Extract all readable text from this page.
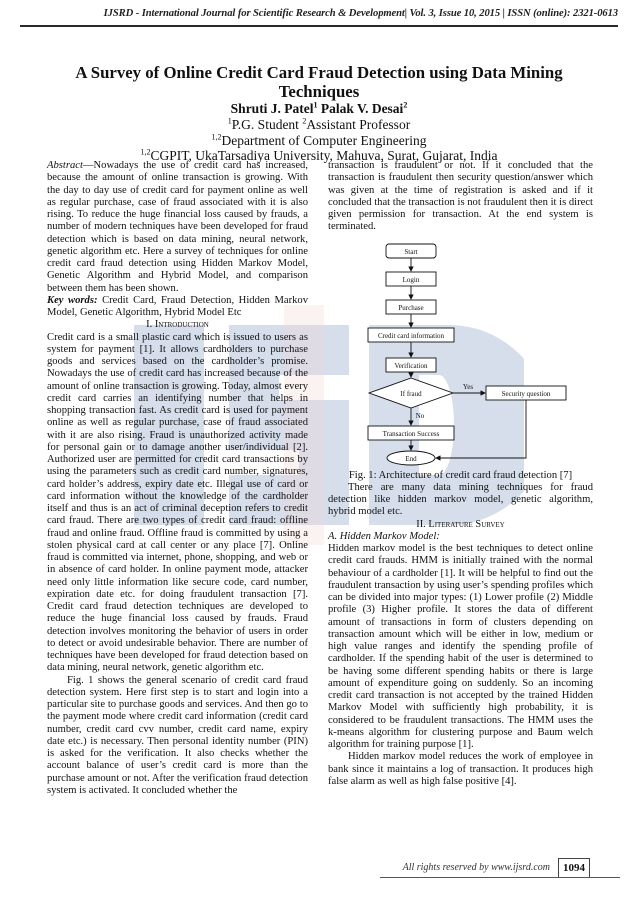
IJSRD - International Journal for Scientific Research & Development| Vol. 3, Issue 10, 2015 | ISSN (online): 2321-0613
A Survey of Online Credit Card Fraud Detection using Data Mining Techniques
Shruti J. Patel$^1$ Palak V. Desai$^2$
$^1$P.G. Student $^2$Assistant Professor
$^{1,2}$Department of Computer Engineering
$^{1,2}$CGPIT, UkaTarsadiya University, Mahuva, Surat, Gujarat, India

Abstract—Nowadays the use of credit card has increased, because the amount of online transaction is growing. With the day to day use of credit card for payment online as well as regular purchase, case of fraud associated with it is also rising. To reduce the huge financial loss caused by frauds, a number of modern techniques have been developed for fraud detection which is based on data mining, neural network, genetic algorithm etc. Here a survey of techniques for online credit card fraud detection using Hidden Markov Model, Genetic Algorithm and Hybrid Model, and comparison between them has been shown.

Key words: Credit Card, Fraud Detection, Hidden Markov Model, Genetic Algorithm, Hybrid Model Etc

I. Introduction

Credit card is a small plastic card which is issued to users as system for payment [1]. It allows cardholders to purchase goods and services based on the cardholder’s promise. Nowadays the use of credit card has increased because of the amount of online transaction is growing. Today, almost every credit card carries an identifying number that helps in shopping transaction fast. As credit card is used for payment online as well as regular purchase, case of fraud associated with it are also rising. Fraud is unauthorized activity made for personal gain or to damage another user/individual [2]. Authorized user are permitted for credit card transactions by using the parameters such as credit card number, signatures, card holder’s address, expiry date etc. Illegal use of card or card information without the knowledge of the cardholder itself and thus is an act of criminal deception refers to credit card fraud. There are two types of credit card fraud: offline fraud and online fraud. Offline fraud is committed by using a stolen physical card at call center or any place [7]. Online fraud is committed via internet, phone, shopping, and web or in absence of card holder. In online payment mode, attacker need only little information like secure code, card number, expiration date etc. for doing fraudulent transaction [7]. Credit card fraud detection techniques are developed to reduce the huge financial loss caused by frauds. Fraud detection involves monitoring the behavior of users in order to detect or avoid undesirable behavior. There are number of techniques have been developed for fraud detection based on data mining, neural network, genetic algorithm etc.

Fig. 1 shows the general scenario of credit card fraud detection system. Here first step is to start and login into a particular site to purchase goods and services. And then go to the payment mode where credit card information (credit card number, credit card cvv number, credit card name, expiry date etc.) is necessary. Then personal identity number (PIN) is asked for the verification. It also checks whether the account balance of user’s credit card is more than the purchase amount or not. After the verification fraud detection system is activated. It concluded whether the

transaction is fraudulent or not. If it concluded that the transaction is fraudulent then security question/answer which was given at the time of registration is asked and if it concluded that the transaction is not fraudulent then it is direct given permission for transaction. At the end system is terminated.

Start
Login
Purchase
Credit card information
Verification
If fraud	Security question
Transaction Success
End
Yes
No

Fig. 1: Architecture of credit card fraud detection [7]

There are many data mining techniques for fraud detection like hidden markov model, genetic algorithm, hybrid model etc.

II. Literature Survey

A. Hidden Markov Model:

Hidden markov model is the best techniques to detect online credit card frauds. HMM is initially trained with the normal behaviour of a cardholder [1]. It will be helpful to find out the fraudulent transaction by using user’s spending profiles which can be divided into major types: (1) Lower profile (2) Middle profile (3) Higher profile. It stores the data of different amount of transactions in form of clusters depending on transaction amount which will be either in low, medium or high value ranges and identify the spending profile of cardholder. If the spending habit of the user is determined to be having some different spending habits or there is large amount of expenditure going on suddenly. So an incoming credit card transaction is not accepted by the trained Hidden Markov Model with sufficiently high probability, it is considered to be fraudulent transactions. The HMM uses the k-means algorithm for clustering purpose and Baum welch algorithm for training purpose [1].

Hidden markov model reduces the work of employee in bank since it maintains a log of transaction. It produces high false alarm as well as high false positive [4].

All rights reserved by www.ijsrd.com	1094
